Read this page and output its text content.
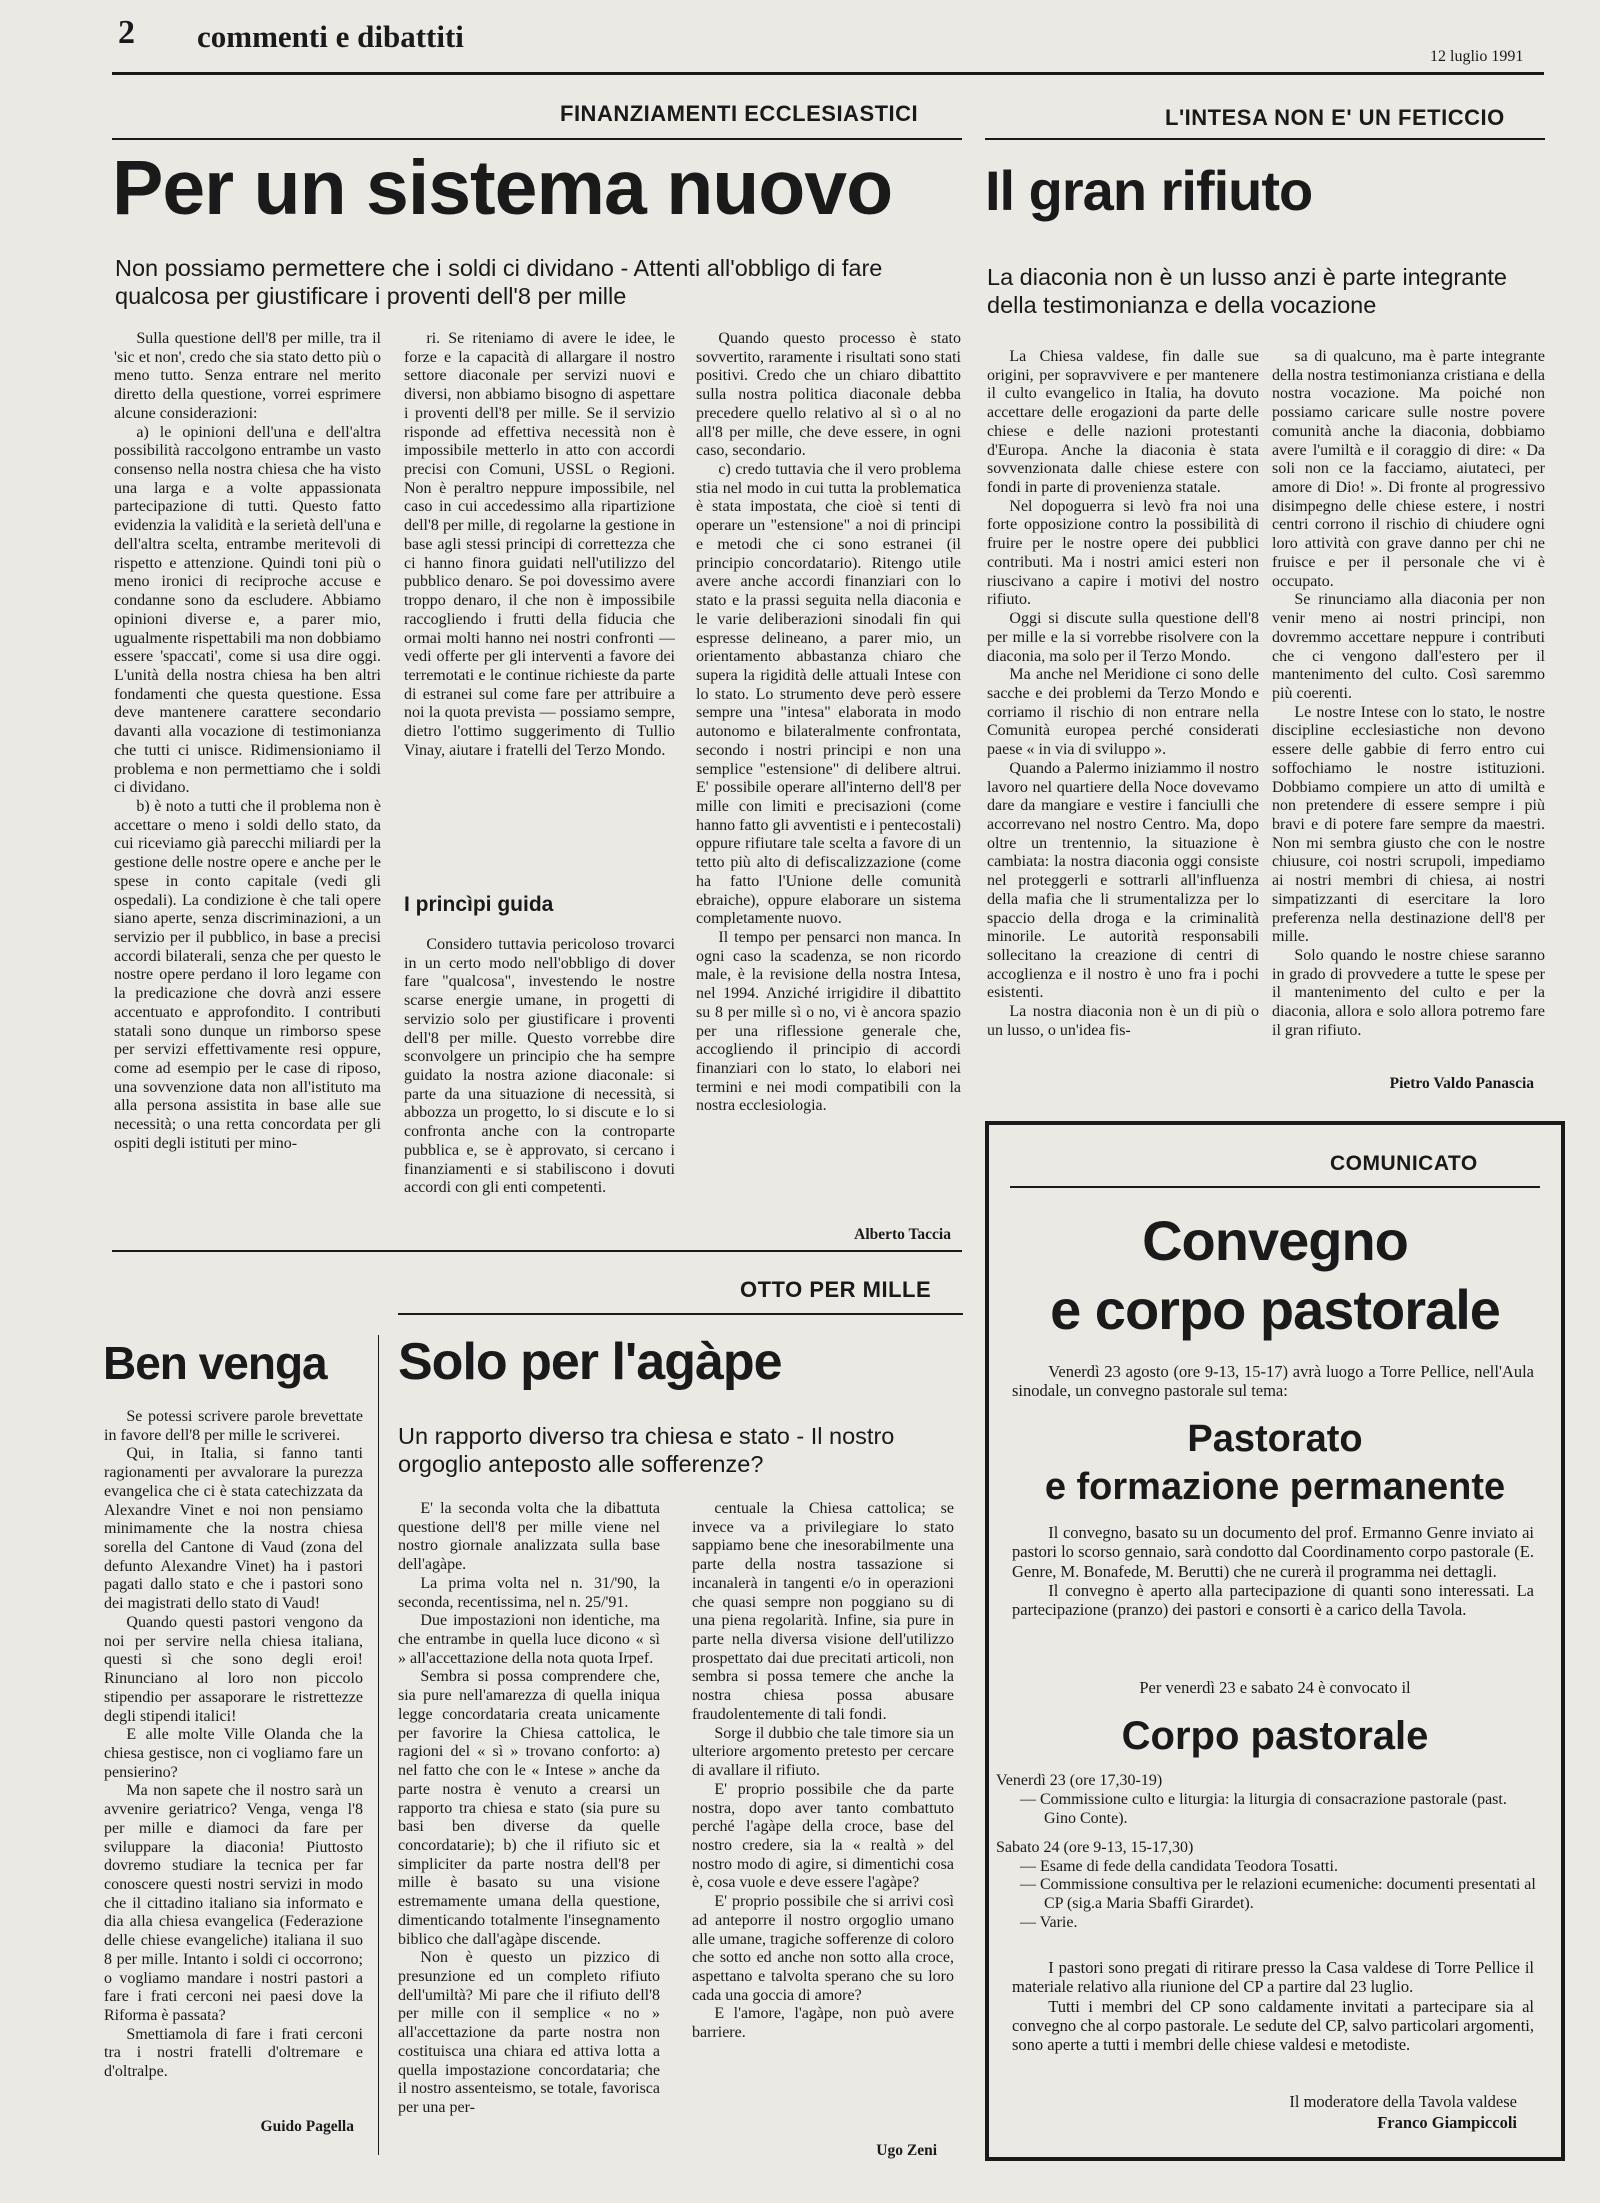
2 commenti e dibattiti
12 luglio 1991
FINANZIAMENTI ECCLESIASTICI
Per un sistema nuovo
Non possiamo permettere che i soldi ci dividano - Attenti all'obbligo di fare qualcosa per giustificare i proventi dell'8 per mille

Sulla questione dell'8 per mille, tra il 'sic et non', credo che sia stato detto più o meno tutto. Senza entrare nel merito diretto della questione, vorrei esprimere alcune considerazioni:

a) le opinioni dell'una e dell'altra possibilità raccolgono entrambe un vasto consenso nella nostra chiesa che ha visto una larga e a volte appassionata partecipazione di tutti. Questo fatto evidenzia la validità e la serietà dell'una e dell'altra scelta, entrambe meritevoli di rispetto e attenzione. Quindi toni più o meno ironici di reciproche accuse e condanne sono da escludere. Abbiamo opinioni diverse e, a parer mio, ugualmente rispettabili ma non dobbiamo essere 'spaccati', come si usa dire oggi. L'unità della nostra chiesa ha ben altri fondamenti che questa questione. Essa deve mantenere carattere secondario davanti alla vocazione di testimonianza che tutti ci unisce. Ridimensioniamo il problema e non permettiamo che i soldi ci dividano.

b) è noto a tutti che il problema non è accettare o meno i soldi dello stato, da cui riceviamo già parecchi miliardi per la gestione delle nostre opere e anche per le spese in conto capitale (vedi gli ospedali). La condizione è che tali opere siano aperte, senza discriminazioni, a un servizio per il pubblico, in base a precisi accordi bilaterali, senza che per questo le nostre opere perdano il loro legame con la predicazione che dovrà anzi essere accentuato e approfondito. I contributi statali sono dunque un rimborso spese per servizi effettivamente resi oppure, come ad esempio per le case di riposo, una sovvenzione data non all'istituto ma alla persona assistita in base alle sue necessità; o una retta concordata per gli ospiti degli istituti per mino-

ri. Se riteniamo di avere le idee, le forze e la capacità di allargare il nostro settore diaconale per servizi nuovi e diversi, non abbiamo bisogno di aspettare i proventi dell'8 per mille. Se il servizio risponde ad effettiva necessità non è impossibile metterlo in atto con accordi precisi con Comuni, USSL o Regioni. Non è peraltro neppure impossibile, nel caso in cui accedessimo alla ripartizione dell'8 per mille, di regolarne la gestione in base agli stessi principi di correttezza che ci hanno finora guidati nell'utilizzo del pubblico denaro. Se poi dovessimo avere troppo denaro, il che non è impossibile raccogliendo i frutti della fiducia che ormai molti hanno nei nostri confronti — vedi offerte per gli interventi a favore dei terremotati e le continue richieste da parte di estranei sul come fare per attribuire a noi la quota prevista — possiamo sempre, dietro l'ottimo suggerimento di Tullio Vinay, aiutare i fratelli del Terzo Mondo.

I princìpi guida

Considero tuttavia pericoloso trovarci in un certo modo nell'obbligo di dover fare "qualcosa", investendo le nostre scarse energie umane, in progetti di servizio solo per giustificare i proventi dell'8 per mille. Questo vorrebbe dire sconvolgere un principio che ha sempre guidato la nostra azione diaconale: si parte da una situazione di necessità, si abbozza un progetto, lo si discute e lo si confronta anche con la controparte pubblica e, se è approvato, si cercano i finanziamenti e si stabiliscono i dovuti accordi con gli enti competenti.

Quando questo processo è stato sovvertito, raramente i risultati sono stati positivi. Credo che un chiaro dibattito sulla nostra politica diaconale debba precedere quello relativo al sì o al no all'8 per mille, che deve essere, in ogni caso, secondario.

c) credo tuttavia che il vero problema stia nel modo in cui tutta la problematica è stata impostata, che cioè si tenti di operare un "estensione" a noi di principi e metodi che ci sono estranei (il principio concordatario). Ritengo utile avere anche accordi finanziari con lo stato e la prassi seguita nella diaconia e le varie deliberazioni sinodali fin qui espresse delineano, a parer mio, un orientamento abbastanza chiaro che supera la rigidità delle attuali Intese con lo stato. Lo strumento deve però essere sempre una "intesa" elaborata in modo autonomo e bilateralmente confrontata, secondo i nostri principi e non una semplice "estensione" di delibere altrui. E' possibile operare all'interno dell'8 per mille con limiti e precisazioni (come hanno fatto gli avventisti e i pentecostali) oppure rifiutare tale scelta a favore di un tetto più alto di defiscalizzazione (come ha fatto l'Unione delle comunità ebraiche), oppure elaborare un sistema completamente nuovo.

Il tempo per pensarci non manca. In ogni caso la scadenza, se non ricordo male, è la revisione della nostra Intesa, nel 1994. Anziché irrigidire il dibattito su 8 per mille sì o no, vi è ancora spazio per una riflessione generale che, accogliendo il principio di accordi finanziari con lo stato, lo elabori nei termini e nei modi compatibili con la nostra ecclesiologia.

Alberto Taccia
L'INTESA NON E' UN FETICCIO
Il gran rifiuto
La diaconia non è un lusso anzi è parte integrante della testimonianza e della vocazione

La Chiesa valdese, fin dalle sue origini, per sopravvivere e per mantenere il culto evangelico in Italia, ha dovuto accettare delle erogazioni da parte delle chiese e delle nazioni protestanti d'Europa. Anche la diaconia è stata sovvenzionata dalle chiese estere con fondi in parte di provenienza statale.

Nel dopoguerra si levò fra noi una forte opposizione contro la possibilità di fruire per le nostre opere dei pubblici contributi. Ma i nostri amici esteri non riuscivano a capire i motivi del nostro rifiuto.

Oggi si discute sulla questione dell'8 per mille e la si vorrebbe risolvere con la diaconia, ma solo per il Terzo Mondo.

Ma anche nel Meridione ci sono delle sacche e dei problemi da Terzo Mondo e corriamo il rischio di non entrare nella Comunità europea perché considerati paese « in via di sviluppo ».

Quando a Palermo iniziammo il nostro lavoro nel quartiere della Noce dovevamo dare da mangiare e vestire i fanciulli che accorrevano nel nostro Centro. Ma, dopo oltre un trentennio, la situazione è cambiata: la nostra diaconia oggi consiste nel proteggerli e sottrarli all'influenza della mafia che li strumentalizza per lo spaccio della droga e la criminalità minorile. Le autorità responsabili sollecitano la creazione di centri di accoglienza e il nostro è uno fra i pochi esistenti.

La nostra diaconia non è un di più o un lusso, o un'idea fis-

sa di qualcuno, ma è parte integrante della nostra testimonianza cristiana e della nostra vocazione. Ma poiché non possiamo caricare sulle nostre povere comunità anche la diaconia, dobbiamo avere l'umiltà e il coraggio di dire: « Da soli non ce la facciamo, aiutateci, per amore di Dio! ». Di fronte al progressivo disimpegno delle chiese estere, i nostri centri corrono il rischio di chiudere ogni loro attività con grave danno per chi ne fruisce e per il personale che vi è occupato.

Se rinunciamo alla diaconia per non venir meno ai nostri principi, non dovremmo accettare neppure i contributi che ci vengono dall'estero per il mantenimento del culto. Così saremmo più coerenti.

Le nostre Intese con lo stato, le nostre discipline ecclesiastiche non devono essere delle gabbie di ferro entro cui soffochiamo le nostre istituzioni. Dobbiamo compiere un atto di umiltà e non pretendere di essere sempre i più bravi e di potere fare sempre da maestri. Non mi sembra giusto che con le nostre chiusure, coi nostri scrupoli, impediamo ai nostri membri di chiesa, ai nostri simpatizzanti di esercitare la loro preferenza nella destinazione dell'8 per mille.

Solo quando le nostre chiese saranno in grado di provvedere a tutte le spese per il mantenimento del culto e per la diaconia, allora e solo allora potremo fare il gran rifiuto.

Pietro Valdo Panascia
Ben venga

Se potessi scrivere parole brevettate in favore dell'8 per mille le scriverei.

Qui, in Italia, si fanno tanti ragionamenti per avvalorare la purezza evangelica che ci è stata catechizzata da Alexandre Vinet e noi non pensiamo minimamente che la nostra chiesa sorella del Cantone di Vaud (zona del defunto Alexandre Vinet) ha i pastori pagati dallo stato e che i pastori sono dei magistrati dello stato di Vaud!

Quando questi pastori vengono da noi per servire nella chiesa italiana, questi sì che sono degli eroi! Rinunciano al loro non piccolo stipendio per assaporare le ristrettezze degli stipendi italici!

E alle molte Ville Olanda che la chiesa gestisce, non ci vogliamo fare un pensierino?

Ma non sapete che il nostro sarà un avvenire geriatrico? Venga, venga l'8 per mille e diamoci da fare per sviluppare la diaconia! Piuttosto dovremo studiare la tecnica per far conoscere questi nostri servizi in modo che il cittadino italiano sia informato e dia alla chiesa evangelica (Federazione delle chiese evangeliche) italiana il suo 8 per mille. Intanto i soldi ci occorrono; o vogliamo mandare i nostri pastori a fare i frati cerconi nei paesi dove la Riforma è passata?

Smettiamola di fare i frati cerconi tra i nostri fratelli d'oltremare e d'oltralpe.

Guido Pagella
OTTO PER MILLE
Solo per l'agàpe
Un rapporto diverso tra chiesa e stato - Il nostro orgoglio anteposto alle sofferenze?

E' la seconda volta che la dibattuta questione dell'8 per mille viene nel nostro giornale analizzata sulla base dell'agàpe.

La prima volta nel n. 31/'90, la seconda, recentissima, nel n. 25/'91.

Due impostazioni non identiche, ma che entrambe in quella luce dicono « sì » all'accettazione della nota quota Irpef.

Sembra si possa comprendere che, sia pure nell'amarezza di quella iniqua legge concordataria creata unicamente per favorire la Chiesa cattolica, le ragioni del « sì » trovano conforto: a) nel fatto che con le « Intese » anche da parte nostra è venuto a crearsi un rapporto tra chiesa e stato (sia pure su basi ben diverse da quelle concordatarie); b) che il rifiuto sic et simpliciter da parte nostra dell'8 per mille è basato su una visione estremamente umana della questione, dimenticando totalmente l'insegnamento biblico che dall'agàpe discende.

Non è questo un pizzico di presunzione ed un completo rifiuto dell'umiltà? Mi pare che il rifiuto dell'8 per mille con il semplice « no » all'accettazione da parte nostra non costituisca una chiara ed attiva lotta a quella impostazione concordataria; che il nostro assenteismo, se totale, favorisca per una per-

centuale la Chiesa cattolica; se invece va a privilegiare lo stato sappiamo bene che inesorabilmente una parte della nostra tassazione si incanalerà in tangenti e/o in operazioni che quasi sempre non poggiano su di una piena regolarità. Infine, sia pure in parte nella diversa visione dell'utilizzo prospettato dai due precitati articoli, non sembra si possa temere che anche la nostra chiesa possa abusare fraudolentemente di tali fondi.

Sorge il dubbio che tale timore sia un ulteriore argomento pretesto per cercare di avallare il rifiuto.

E' proprio possibile che da parte nostra, dopo aver tanto combattuto perché l'agàpe della croce, base del nostro credere, sia la « realtà » del nostro modo di agire, si dimentichi cosa è, cosa vuole e deve essere l'agàpe?

E' proprio possibile che si arrivi così ad anteporre il nostro orgoglio umano alle umane, tragiche sofferenze di coloro che sotto ed anche non sotto alla croce, aspettano e talvolta sperano che su loro cada una goccia di amore?

E l'amore, l'agàpe, non può avere barriere.

Ugo Zeni
COMUNICATO
Convegno
e corpo pastorale

Venerdì 23 agosto (ore 9-13, 15-17) avrà luogo a Torre Pellice, nell'Aula sinodale, un convegno pastorale sul tema:

Pastorato
e formazione permanente

Il convegno, basato su un documento del prof. Ermanno Genre inviato ai pastori lo scorso gennaio, sarà condotto dal Coordinamento corpo pastorale (E. Genre, M. Bonafede, M. Berutti) che ne curerà il programma nei dettagli.

Il convegno è aperto alla partecipazione di quanti sono interessati. La partecipazione (pranzo) dei pastori e consorti è a carico della Tavola.

Per venerdì 23 e sabato 24 è convocato il
Corpo pastorale

Venerdì 23 (ore 17,30-19)

— Commissione culto e liturgia: la liturgia di consacrazione pastorale (past. Gino Conte).

Sabato 24 (ore 9-13, 15-17,30)

— Esame di fede della candidata Teodora Tosatti.

— Commissione consultiva per le relazioni ecumeniche: documenti presentati al CP (sig.a Maria Sbaffi Girardet).

— Varie.

I pastori sono pregati di ritirare presso la Casa valdese di Torre Pellice il materiale relativo alla riunione del CP a partire dal 23 luglio.

Tutti i membri del CP sono caldamente invitati a partecipare sia al convegno che al corpo pastorale. Le sedute del CP, salvo particolari argomenti, sono aperte a tutti i membri delle chiese valdesi e metodiste.

Il moderatore della Tavola valdese
Franco Giampiccoli
